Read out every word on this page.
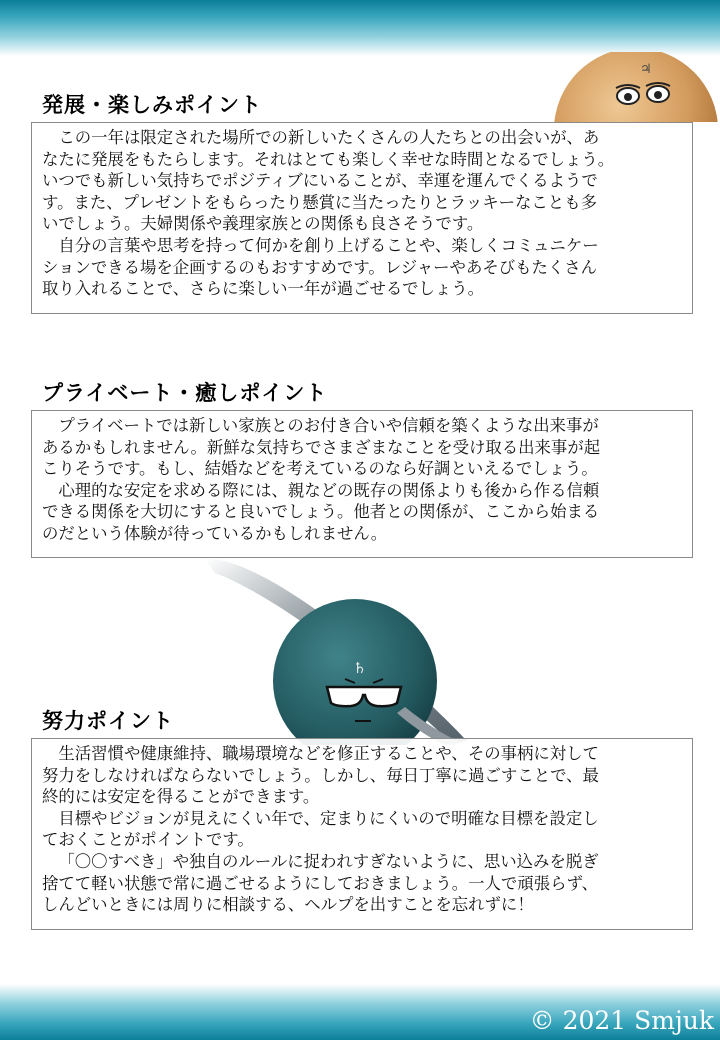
♃
♄
発展・楽しみポイント

この一年は限定された場所での新しいたくさんの人たちとの出会いが、あ
なたに発展をもたらします。それはとても楽しく幸せな時間となるでしょう。
いつでも新しい気持ちでポジティブにいることが、幸運を運んでくるようで
す。また、プレゼントをもらったり懸賞に当たったりとラッキーなことも多
いでしょう。夫婦関係や義理家族との関係も良さそうです。

自分の言葉や思考を持って何かを創り上げることや、楽しくコミュニケー
ションできる場を企画するのもおすすめです。レジャーやあそびもたくさん
取り入れることで、さらに楽しい一年が過ごせるでしょう。

プライベート・癒しポイント

プライベートでは新しい家族とのお付き合いや信頼を築くような出来事が
あるかもしれません。新鮮な気持ちでさまざまなことを受け取る出来事が起
こりそうです。もし、結婚などを考えているのなら好調といえるでしょう。

心理的な安定を求める際には、親などの既存の関係よりも後から作る信頼
できる関係を大切にすると良いでしょう。他者との関係が、ここから始まる
のだという体験が待っているかもしれません。

努力ポイント

生活習慣や健康維持、職場環境などを修正することや、その事柄に対して
努力をしなければならないでしょう。しかし、毎日丁寧に過ごすことで、最
終的には安定を得ることができます。

目標やビジョンが見えにくい年で、定まりにくいので明確な目標を設定し
ておくことがポイントです。

「〇〇すべき」や独自のルールに捉われすぎないように、思い込みを脱ぎ
捨てて軽い状態で常に過ごせるようにしておきましょう。一人で頑張らず、
しんどいときには周りに相談する、ヘルプを出すことを忘れずに！

© 2021 Smjuk
